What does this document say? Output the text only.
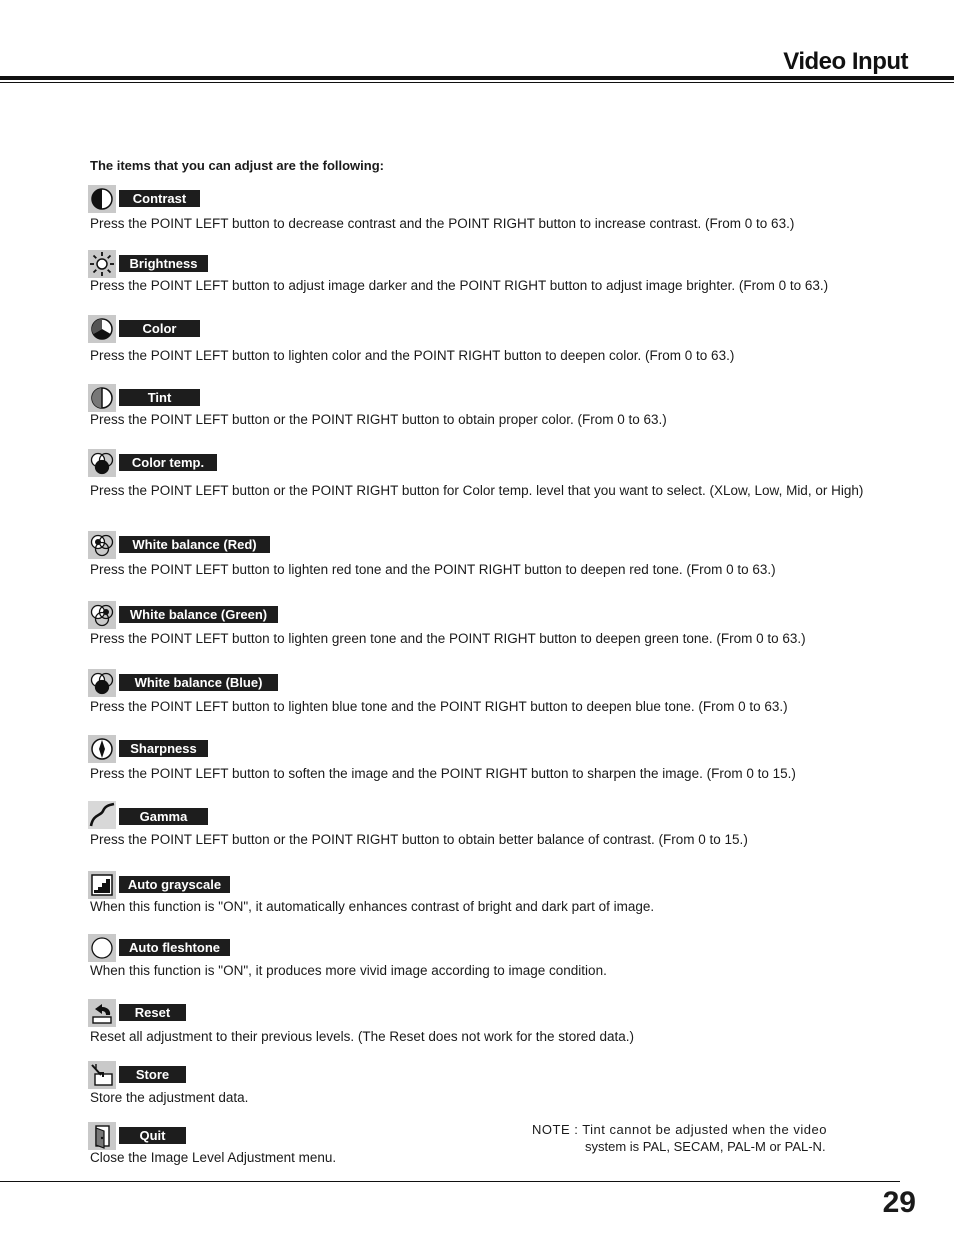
Video Input
The items that you can adjust are the following:
Contrast
Press the POINT LEFT button to decrease contrast and the POINT RIGHT button to increase contrast. (From 0 to 63.)
Brightness
Press the POINT LEFT button to adjust image darker and the POINT RIGHT button to adjust image brighter. (From 0 to 63.)
Color
Press the POINT LEFT button to lighten color and the POINT RIGHT button to deepen color. (From 0 to 63.)
Tint
Press the POINT LEFT button or the POINT RIGHT button to obtain proper color. (From 0 to 63.)
Color temp.
Press the POINT LEFT button or the POINT RIGHT button for Color temp. level that you want to select. (XLow, Low, Mid, or High)
White balance (Red)
Press the POINT LEFT button to lighten red tone and the POINT RIGHT button to deepen red tone. (From 0 to 63.)
White balance (Green)
Press the POINT LEFT button to lighten green tone and the POINT RIGHT button to deepen green tone. (From 0 to 63.)
White balance (Blue)
Press the POINT LEFT button to lighten blue tone and the POINT RIGHT button to deepen blue tone. (From 0 to 63.)
Sharpness
Press the POINT LEFT button to soften the image and the POINT RIGHT button to sharpen the image. (From 0 to 15.)
Gamma
Press the POINT LEFT button or the POINT RIGHT button to obtain better balance of contrast. (From 0 to 15.)
Auto grayscale
When this function is "ON", it automatically enhances contrast of bright and dark part of image.
Auto fleshtone
When this function is "ON", it produces more vivid image according to image condition.
Reset
Reset all adjustment to their previous levels. (The Reset does not work for the stored data.)
Store
Store the adjustment data.
Quit
Close the Image Level Adjustment menu.
NOTE : Tint cannot be adjusted when the video
system is PAL, SECAM, PAL-M or PAL-N.
29
